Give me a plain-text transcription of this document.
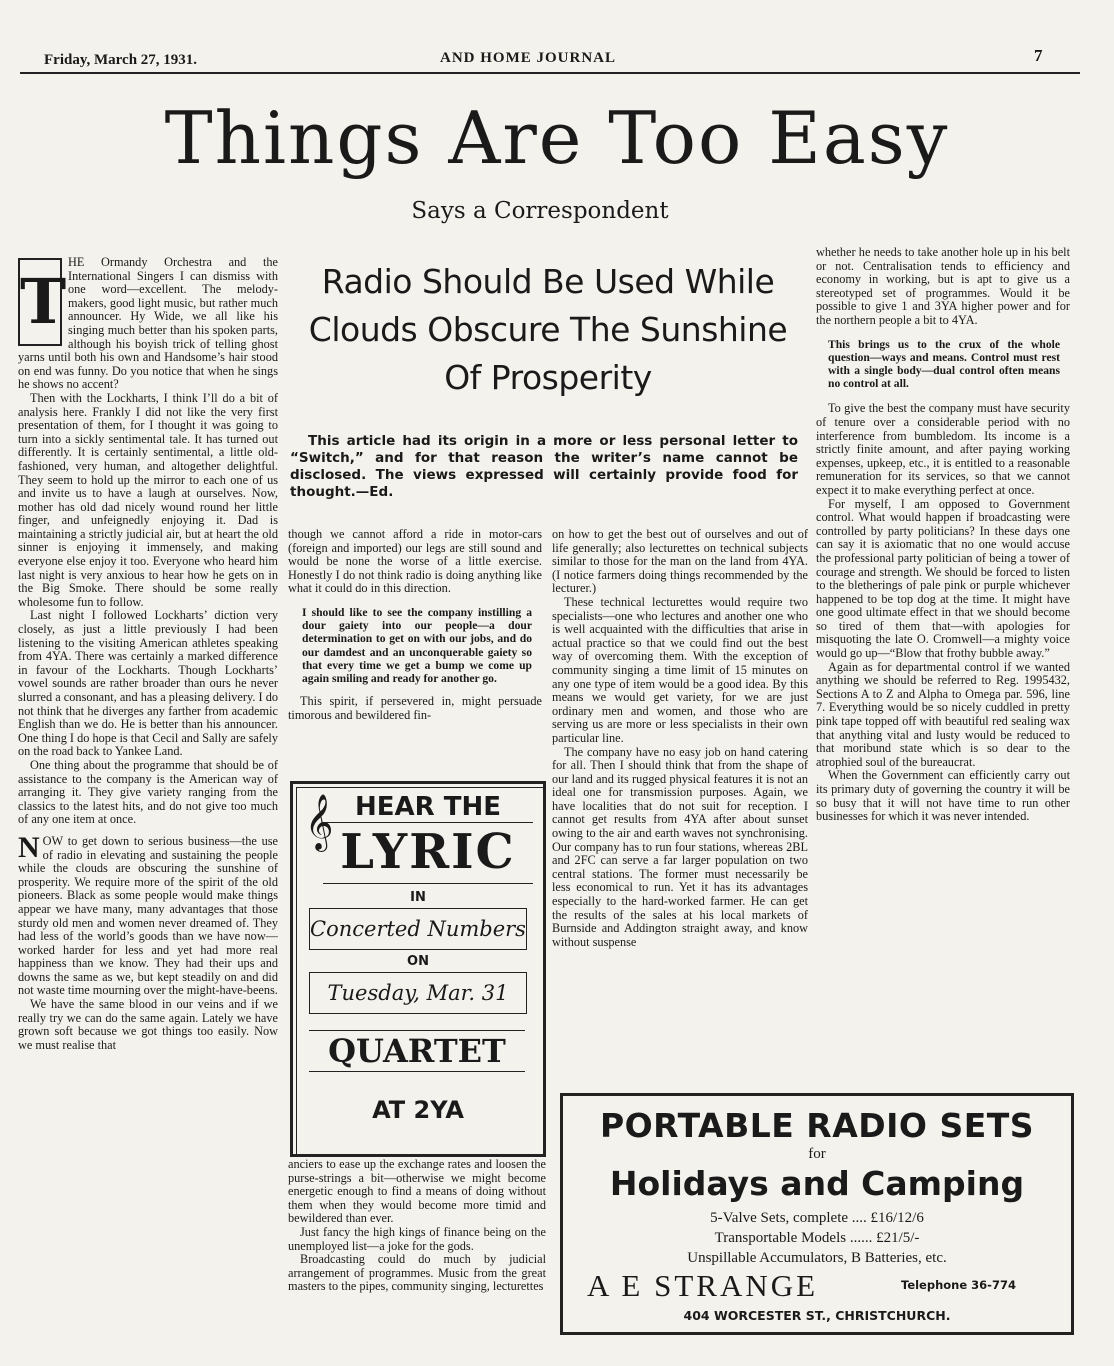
Friday, March 27, 1931.	AND HOME JOURNAL	7
Things Are Too Easy
Says a Correspondent
T

HE Ormandy Orchestra and the International Singers I can dismiss with one word—excellent. The melody-makers, good light music, but rather much announcer. Hy Wide, we all like his singing much better than his spoken parts, although his boyish trick of telling ghost yarns until both his own and Handsome’s hair stood on end was funny. Do you notice that when he sings he shows no accent?

Then with the Lockharts, I think I’ll do a bit of analysis here. Frankly I did not like the very first presentation of them, for I thought it was going to turn into a sickly sentimental tale. It has turned out differently. It is certainly sentimental, a little old-fashioned, very human, and altogether delightful. They seem to hold up the mirror to each one of us and invite us to have a laugh at ourselves. Now, mother has old dad nicely wound round her little finger, and unfeignedly enjoying it. Dad is maintaining a strictly judicial air, but at heart the old sinner is enjoying it immensely, and making everyone else enjoy it too. Everyone who heard him last night is very anxious to hear how he gets on in the Big Smoke. There should be some really wholesome fun to follow.

Last night I followed Lockharts’ diction very closely, as just a little previously I had been listening to the visiting American athletes speaking from 4YA. There was certainly a marked difference in favour of the Lockharts. Though Lockharts’ vowel sounds are rather broader than ours he never slurred a consonant, and has a pleasing delivery. I do not think that he diverges any farther from academic English than we do. He is better than his announcer. One thing I do hope is that Cecil and Sally are safely on the road back to Yankee Land.

One thing about the programme that should be of assistance to the company is the American way of arranging it. They give variety ranging from the classics to the latest hits, and do not give too much of any one item at once.

NOW to get down to serious business—the use of radio in elevating and sustaining the people while the clouds are obscuring the sunshine of prosperity. We require more of the spirit of the old pioneers. Black as some people would make things appear we have many, many advantages that those sturdy old men and women never dreamed of. They had less of the world’s goods than we have now—worked harder for less and yet had more real happiness than we know. They had their ups and downs the same as we, but kept steadily on and did not waste time mourning over the might-have-beens.

We have the same blood in our veins and if we really try we can do the same again. Lately we have grown soft because we got things too easily. Now we must realise that

Radio Should Be Used While
Clouds Obscure The Sunshine
Of Prosperity
This article had its origin in a more or less personal letter to “Switch,” and for that reason the writer’s name cannot be disclosed. The views expressed will certainly provide food for thought.—Ed.

though we cannot afford a ride in motor-cars (foreign and imported) our legs are still sound and would be none the worse of a little exercise. Honestly I do not think radio is doing anything like what it could do in this direction.

I should like to see the company instilling a dour gaiety into our people—a dour determination to get on with our jobs, and do our damdest and an unconquerable gaiety so that every time we get a bump we come up again smiling and ready for another go.

This spirit, if persevered in, might persuade timorous and bewildered fin-

𝄞 HEAR THE
LYRIC
IN
Concerted Numbers
ON
Tuesday, Mar. 31
QUARTET
AT 2YA

anciers to ease up the exchange rates and loosen the purse-strings a bit—otherwise we might become energetic enough to find a means of doing without them when they would become more timid and bewildered than ever.

Just fancy the high kings of finance being on the unemployed list—a joke for the gods.

Broadcasting could do much by judicial arrangement of programmes. Music from the great masters to the pipes, community singing, lecturettes

on how to get the best out of ourselves and out of life generally; also lecturettes on technical subjects similar to those for the man on the land from 4YA. (I notice farmers doing things recommended by the lecturer.)

These technical lecturettes would require two specialists—one who lectures and another one who is well acquainted with the difficulties that arise in actual practice so that we could find out the best way of overcoming them. With the exception of community singing a time limit of 15 minutes on any one type of item would be a good idea. By this means we would get variety, for we are just ordinary men and women, and those who are serving us are more or less specialists in their own particular line.

The company have no easy job on hand catering for all. Then I should think that from the shape of our land and its rugged physical features it is not an ideal one for transmission purposes. Again, we have localities that do not suit for reception. I cannot get results from 4YA after about sunset owing to the air and earth waves not synchronising. Our company has to run four stations, whereas 2BL and 2FC can serve a far larger population on two central stations. The former must necessarily be less economical to run. Yet it has its advantages especially to the hard-worked farmer. He can get the results of the sales at his local markets of Burnside and Addington straight away, and know without suspense

whether he needs to take another hole up in his belt or not. Centralisation tends to efficiency and economy in working, but is apt to give us a stereotyped set of programmes. Would it be possible to give 1 and 3YA higher power and for the northern people a bit to 4YA.

This brings us to the crux of the whole question—ways and means. Control must rest with a single body—dual control often means no control at all.

To give the best the company must have security of tenure over a considerable period with no interference from bumbledom. Its income is a strictly finite amount, and after paying working expenses, upkeep, etc., it is entitled to a reasonable remuneration for its services, so that we cannot expect it to make everything perfect at once.

For myself, I am opposed to Government control. What would happen if broadcasting were controlled by party politicians? In these days one can say it is axiomatic that no one would accuse the professional party politician of being a tower of courage and strength. We should be forced to listen to the bletherings of pale pink or purple whichever happened to be top dog at the time. It might have one good ultimate effect in that we should become so tired of them that—with apologies for misquoting the late O. Cromwell—a mighty voice would go up—“Blow that frothy bubble away.”

Again as for departmental control if we wanted anything we should be referred to Reg. 1995432, Sections A to Z and Alpha to Omega par. 596, line 7. Everything would be so nicely cuddled in pretty pink tape topped off with beautiful red sealing wax that anything vital and lusty would be reduced to that moribund state which is so dear to the atrophied soul of the bureaucrat.

When the Government can efficiently carry out its primary duty of governing the country it will be so busy that it will not have time to run other businesses for which it was never intended.

PORTABLE RADIO SETS
for
Holidays and Camping
5-Valve Sets, complete .... £16/12/6
Transportable Models ...... £21/5/-
Unspillable Accumulators, B Batteries, etc.
A E STRANGE	Telephone 36-774
404 WORCESTER ST., CHRISTCHURCH.
